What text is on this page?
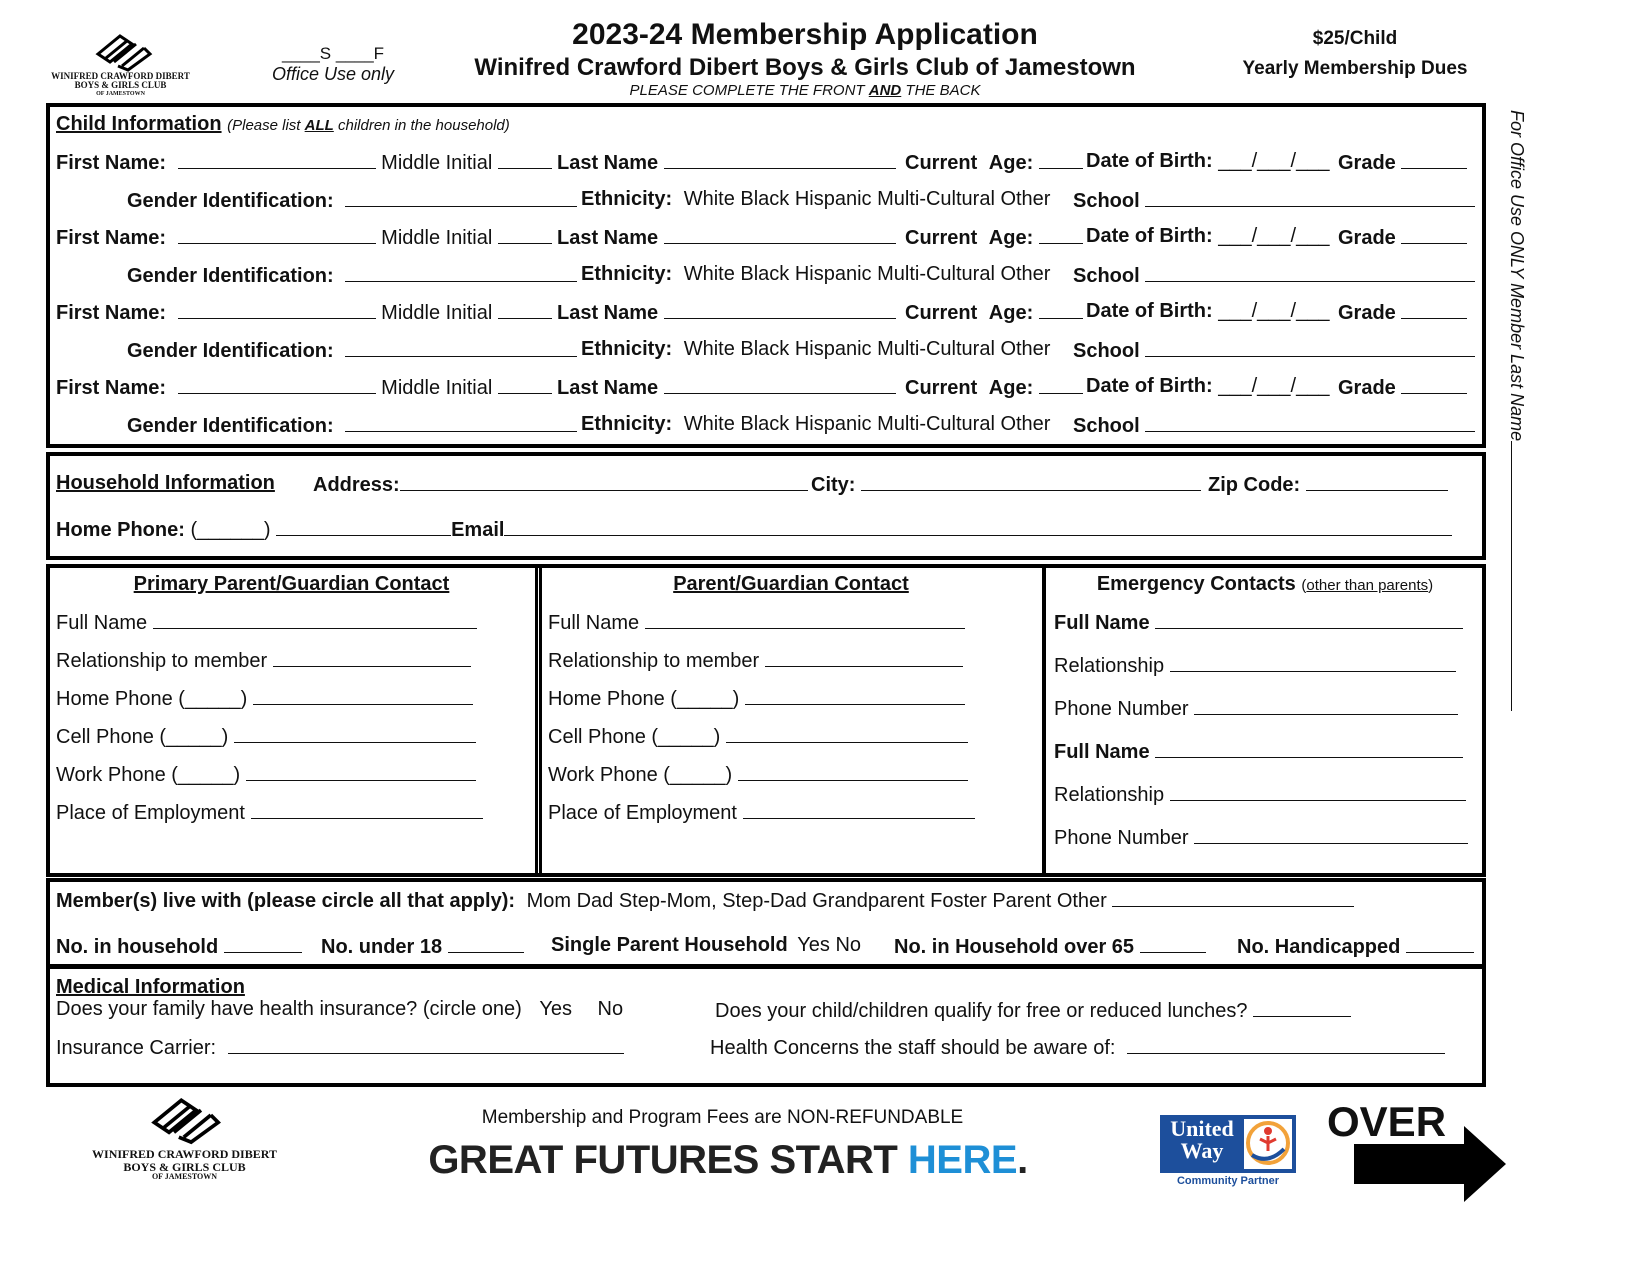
WINIFRED CRAWFORD DIBERT
BOYS & GIRLS CLUB
OF JAMESTOWN
____S ____F
Office Use only
2023-24 Membership Application
Winifred Crawford Dibert Boys & Girls Club of Jamestown
PLEASE COMPLETE THE FRONT AND THE BACK
$25/Child
Yearly Membership Dues
For Office Use ONLY Member Last Name
Child Information (Please list ALL children in the household)
First Name:	Middle Initial	Last Name	Current Age:	Date of Birth: ___/___/___ Grade
Gender Identification:	Ethnicity: White Black Hispanic Multi-Cultural Other School
First Name:	Middle Initial	Last Name	Current Age:	Date of Birth: ___/___/___ Grade
Gender Identification:	Ethnicity: White Black Hispanic Multi-Cultural Other School
First Name:	Middle Initial	Last Name	Current Age:	Date of Birth: ___/___/___ Grade
Gender Identification:	Ethnicity: White Black Hispanic Multi-Cultural Other School
First Name:	Middle Initial	Last Name	Current Age:	Date of Birth: ___/___/___ Grade
Gender Identification:	Ethnicity: White Black Hispanic Multi-Cultural Other School
Household Information Address:	City:	Zip Code:
Home Phone: (______)	Email
Primary Parent/Guardian Contact
Full Name
Relationship to member
Home Phone (_____)
Cell Phone (_____)
Work Phone (_____)
Place of Employment
Parent/Guardian Contact
Full Name
Relationship to member
Home Phone (_____)
Cell Phone (_____)
Work Phone (_____)
Place of Employment
Emergency Contacts (other than parents)
Full Name
Relationship
Phone Number
Full Name
Relationship
Phone Number
Member(s) live with (please circle all that apply): Mom Dad Step-Mom, Step-Dad Grandparent Foster Parent Other
No. in household	No. under 18	Single Parent Household Yes No No. in Household over 65	No. Handicapped
Medical Information
Does your family have health insurance? (circle one) Yes No	Does your child/children qualify for free or reduced lunches?
Insurance Carrier:	Health Concerns the staff should be aware of:
WINIFRED CRAWFORD DIBERT
BOYS & GIRLS CLUB
OF JAMESTOWN
Membership and Program Fees are NON-REFUNDABLE
GREAT FUTURES START HERE.
United
Way
Community Partner
OVER
